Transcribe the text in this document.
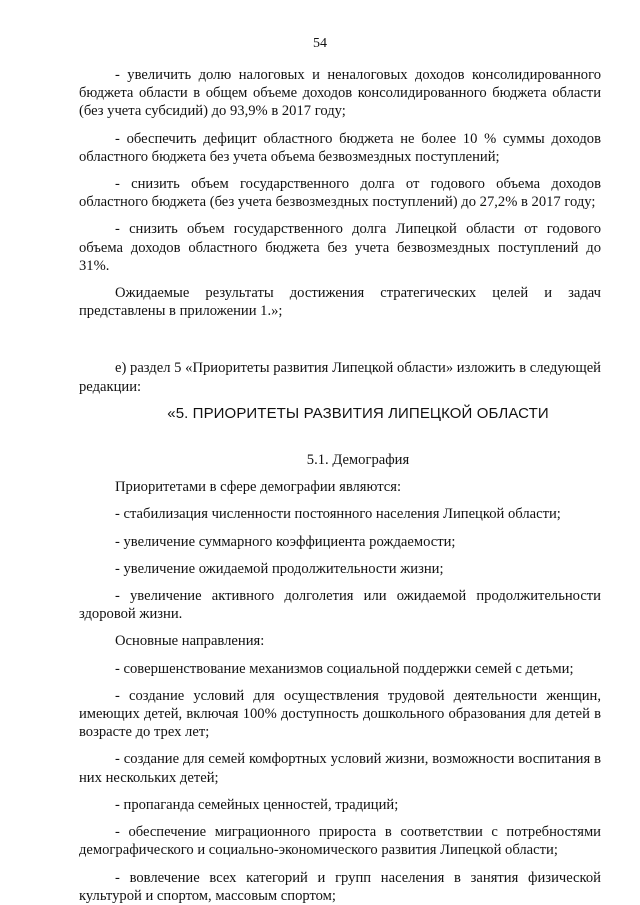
54

- увеличить долю налоговых и неналоговых доходов консолидированного бюджета области в общем объеме доходов консолидированного бюджета области (без учета субсидий) до 93,9% в 2017 году;

- обеспечить дефицит областного бюджета не более 10 % суммы доходов областного бюджета без учета объема безвозмездных поступлений;

- снизить объем государственного долга от годового объема доходов областного бюджета (без учета безвозмездных поступлений) до 27,2% в 2017 году;

- снизить объем государственного долга Липецкой области от годового объема доходов областного бюджета без учета безвозмездных поступлений до 31%.

Ожидаемые результаты достижения стратегических целей и задач представлены в приложении 1.»;

е) раздел 5 «Приоритеты развития Липецкой области» изложить в следующей редакции:

«5. ПРИОРИТЕТЫ РАЗВИТИЯ ЛИПЕЦКОЙ ОБЛАСТИ

5.1. Демография

Приоритетами в сфере демографии являются:

- стабилизация численности постоянного населения Липецкой области;

- увеличение суммарного коэффициента рождаемости;

- увеличение ожидаемой продолжительности жизни;

- увеличение активного долголетия или ожидаемой продолжительности здоровой жизни.

Основные направления:

- совершенствование механизмов социальной поддержки семей с детьми;

- создание условий для осуществления трудовой деятельности женщин, имеющих детей, включая 100% доступность дошкольного образования для детей в возрасте до трех лет;

- создание для семей комфортных условий жизни, возможности воспитания в них нескольких детей;

- пропаганда семейных ценностей, традиций;

- обеспечение миграционного прироста в соответствии с потребностями демографического и социально-экономического развития Липецкой области;

- вовлечение всех категорий и групп населения в занятия физической культурой и спортом, массовым спортом;
